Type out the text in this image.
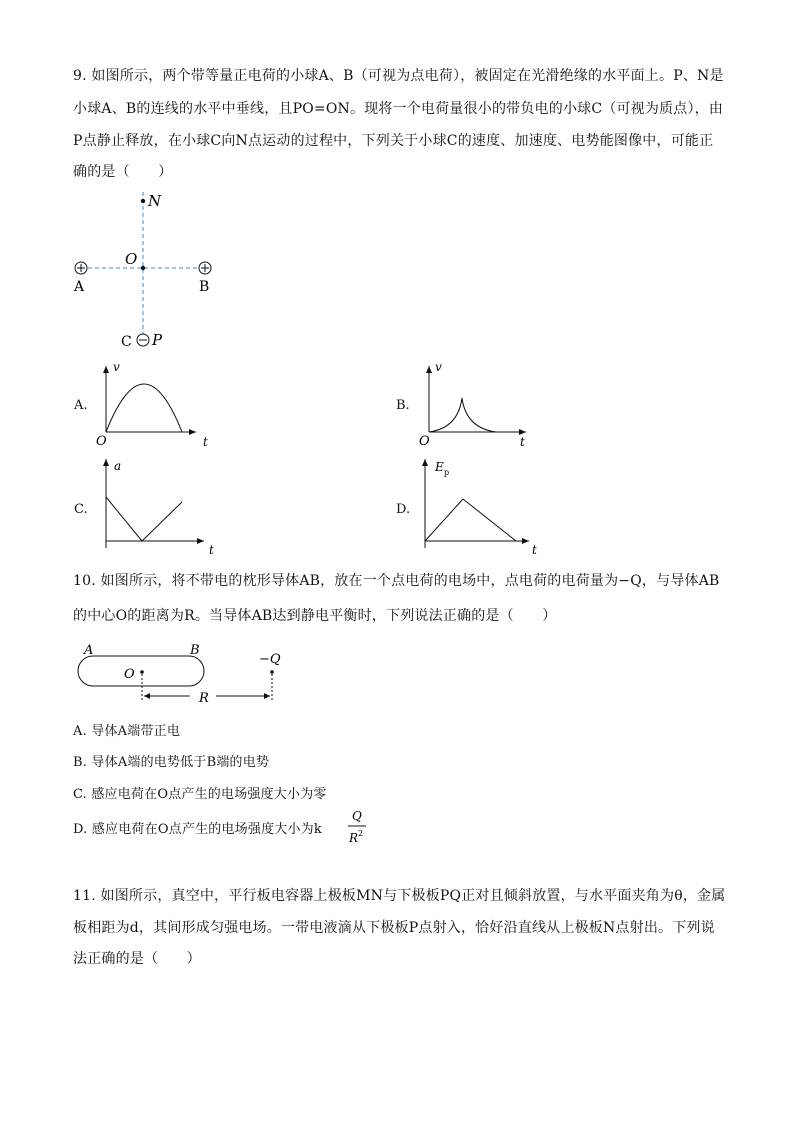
9. 如图所示，两个带等量正电荷的小球A、B（可视为点电荷），被固定在光滑绝缘的水平面上。P、N是
小球A、B的连线的水平中垂线，且PO=ON。现将一个电荷量很小的带负电的小球C（可视为质点），由
P点静止释放，在小球C向N点运动的过程中，下列关于小球C的速度、加速度、电势能图像中，可能正
确的是（　　）
N
O
A	B
C P
A.	B.
C.	D.
v
O	t
v
O	t
a
t
E p
t
10. 如图所示，将不带电的枕形导体AB，放在一个点电荷的电场中，点电荷的电荷量为−Q，与导体AB
的中心O的距离为R。当导体AB达到静电平衡时，下列说法正确的是（　　）
A	B
O
−Q
R
A. 导体A端带正电
B. 导体A端的电势低于B端的电势
C. 感应电荷在O点产生的电场强度大小为零
D. 感应电荷在O点产生的电场强度大小为k
Q
R 2
11. 如图所示，真空中，平行板电容器上极板MN与下极板PQ正对且倾斜放置，与水平面夹角为θ，金属
板相距为d，其间形成匀强电场。一带电液滴从下极板P点射入，恰好沿直线从上极板N点射出。下列说
法正确的是（　　）
